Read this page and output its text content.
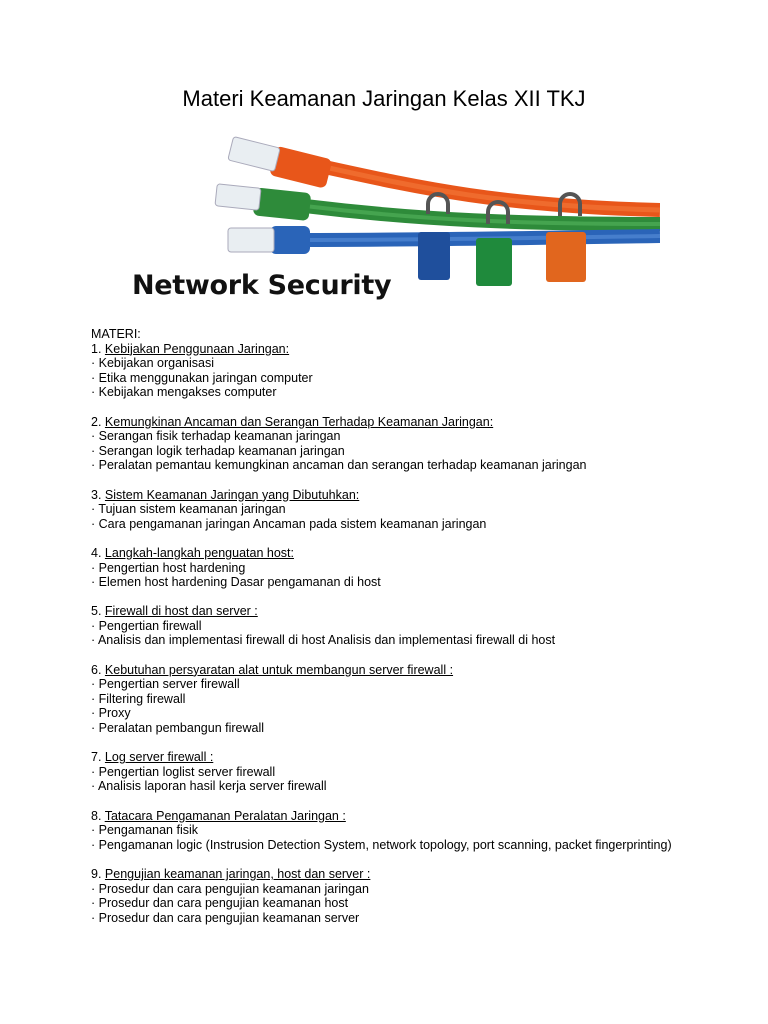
Materi Keamanan Jaringan Kelas XII TKJ
Network Security

MATERI:

1. Kebijakan Penggunaan Jaringan:

· Kebijakan organisasi

· Etika menggunakan jaringan computer

· Kebijakan mengakses computer

2. Kemungkinan Ancaman dan Serangan Terhadap Keamanan Jaringan:

· Serangan fisik terhadap keamanan jaringan

· Serangan logik terhadap keamanan jaringan

· Peralatan pemantau kemungkinan ancaman dan serangan terhadap keamanan jaringan

3. Sistem Keamanan Jaringan yang Dibutuhkan:

· Tujuan sistem keamanan jaringan

· Cara pengamanan jaringan Ancaman pada sistem keamanan jaringan

4. Langkah-langkah penguatan host:

· Pengertian host hardening

· Elemen host hardening Dasar pengamanan di host

5. Firewall di host dan server :

· Pengertian firewall

· Analisis dan implementasi firewall di host Analisis dan implementasi firewall di host

6. Kebutuhan persyaratan alat untuk membangun server firewall :

· Pengertian server firewall

· Filtering firewall

· Proxy

· Peralatan pembangun firewall

7. Log server firewall :

· Pengertian loglist server firewall

· Analisis laporan hasil kerja server firewall

8. Tatacara Pengamanan Peralatan Jaringan :

· Pengamanan fisik

· Pengamanan logic (Instrusion Detection System, network topology, port scanning, packet fingerprinting)

9. Pengujian keamanan jaringan, host dan server :

· Prosedur dan cara pengujian keamanan jaringan

· Prosedur dan cara pengujian keamanan host

· Prosedur dan cara pengujian keamanan server
